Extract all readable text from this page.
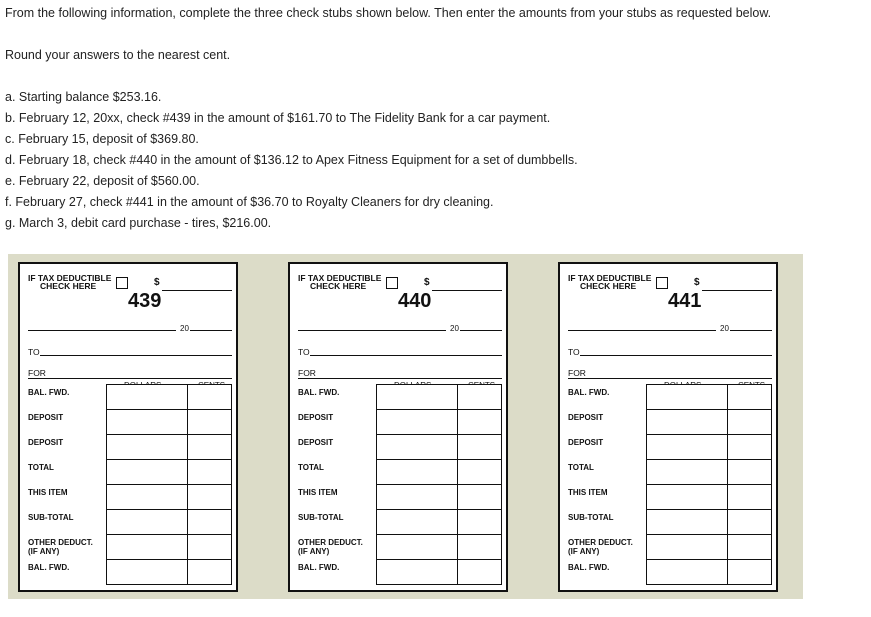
From the following information, complete the three check stubs shown below. Then enter the amounts from your stubs as requested below.
Round your answers to the nearest cent.
a. Starting balance $253.16.
b. February 12, 20xx, check #439 in the amount of $161.70 to The Fidelity Bank for a car payment.
c. February 15, deposit of $369.80.
d. February 18, check #440 in the amount of $136.12 to Apex Fitness Equipment for a set of dumbbells.
e. February 22, deposit of $560.00.
f. February 27, check #441 in the amount of $36.70 to Royalty Cleaners for dry cleaning.
g. March 3, debit card purchase - tires, $216.00.
IF TAX DEDUCTIBLE
CHECK HERE	$
439
20
TO
FOR
BAL. FWD.
DEPOSIT
DEPOSIT
TOTAL
THIS ITEM
SUB-TOTAL
OTHER DEDUCT.
(IF ANY)
BAL. FWD.
IF TAX DEDUCTIBLE
CHECK HERE	$
440
20
TO
FOR
BAL. FWD.
DEPOSIT
DEPOSIT
TOTAL
THIS ITEM
SUB-TOTAL
OTHER DEDUCT.
(IF ANY)
BAL. FWD.
IF TAX DEDUCTIBLE
CHECK HERE	$
441
20
TO
FOR
BAL. FWD.
DEPOSIT
DEPOSIT
TOTAL
THIS ITEM
SUB-TOTAL
OTHER DEDUCT.
(IF ANY)
BAL. FWD.
